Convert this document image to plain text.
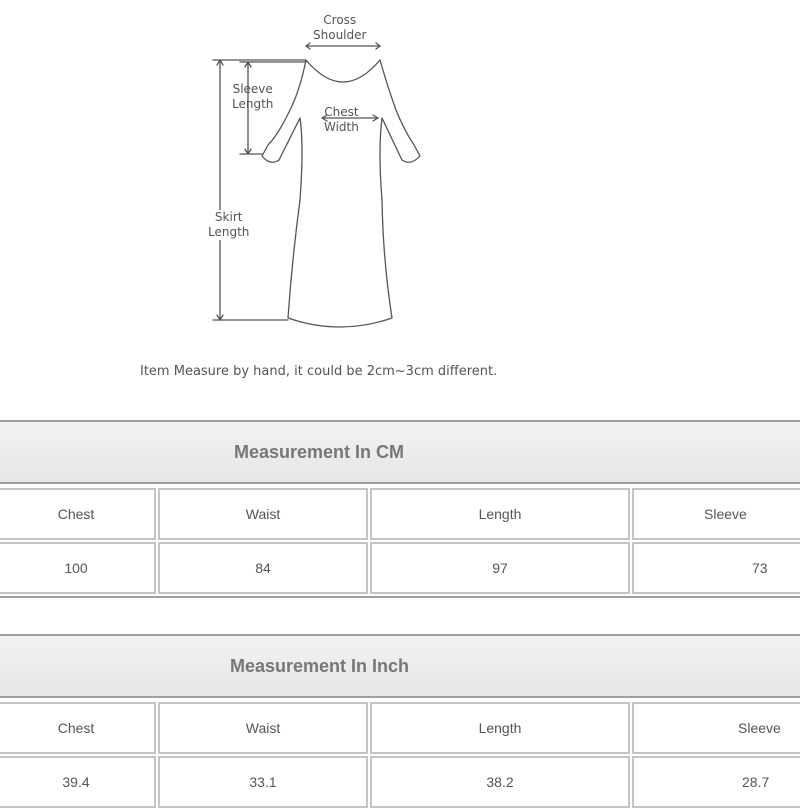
Cross
Shoulder
Sleeve
Length
Chest
Width
Skirt
Length
Item Measure by hand, it could be 2cm~3cm different.
Measurement In CM
Chest	Waist	Length	Sleeve
100	84	97	73
Measurement In Inch
Chest	Waist	Length	Sleeve
39.4	33.1	38.2	28.7
